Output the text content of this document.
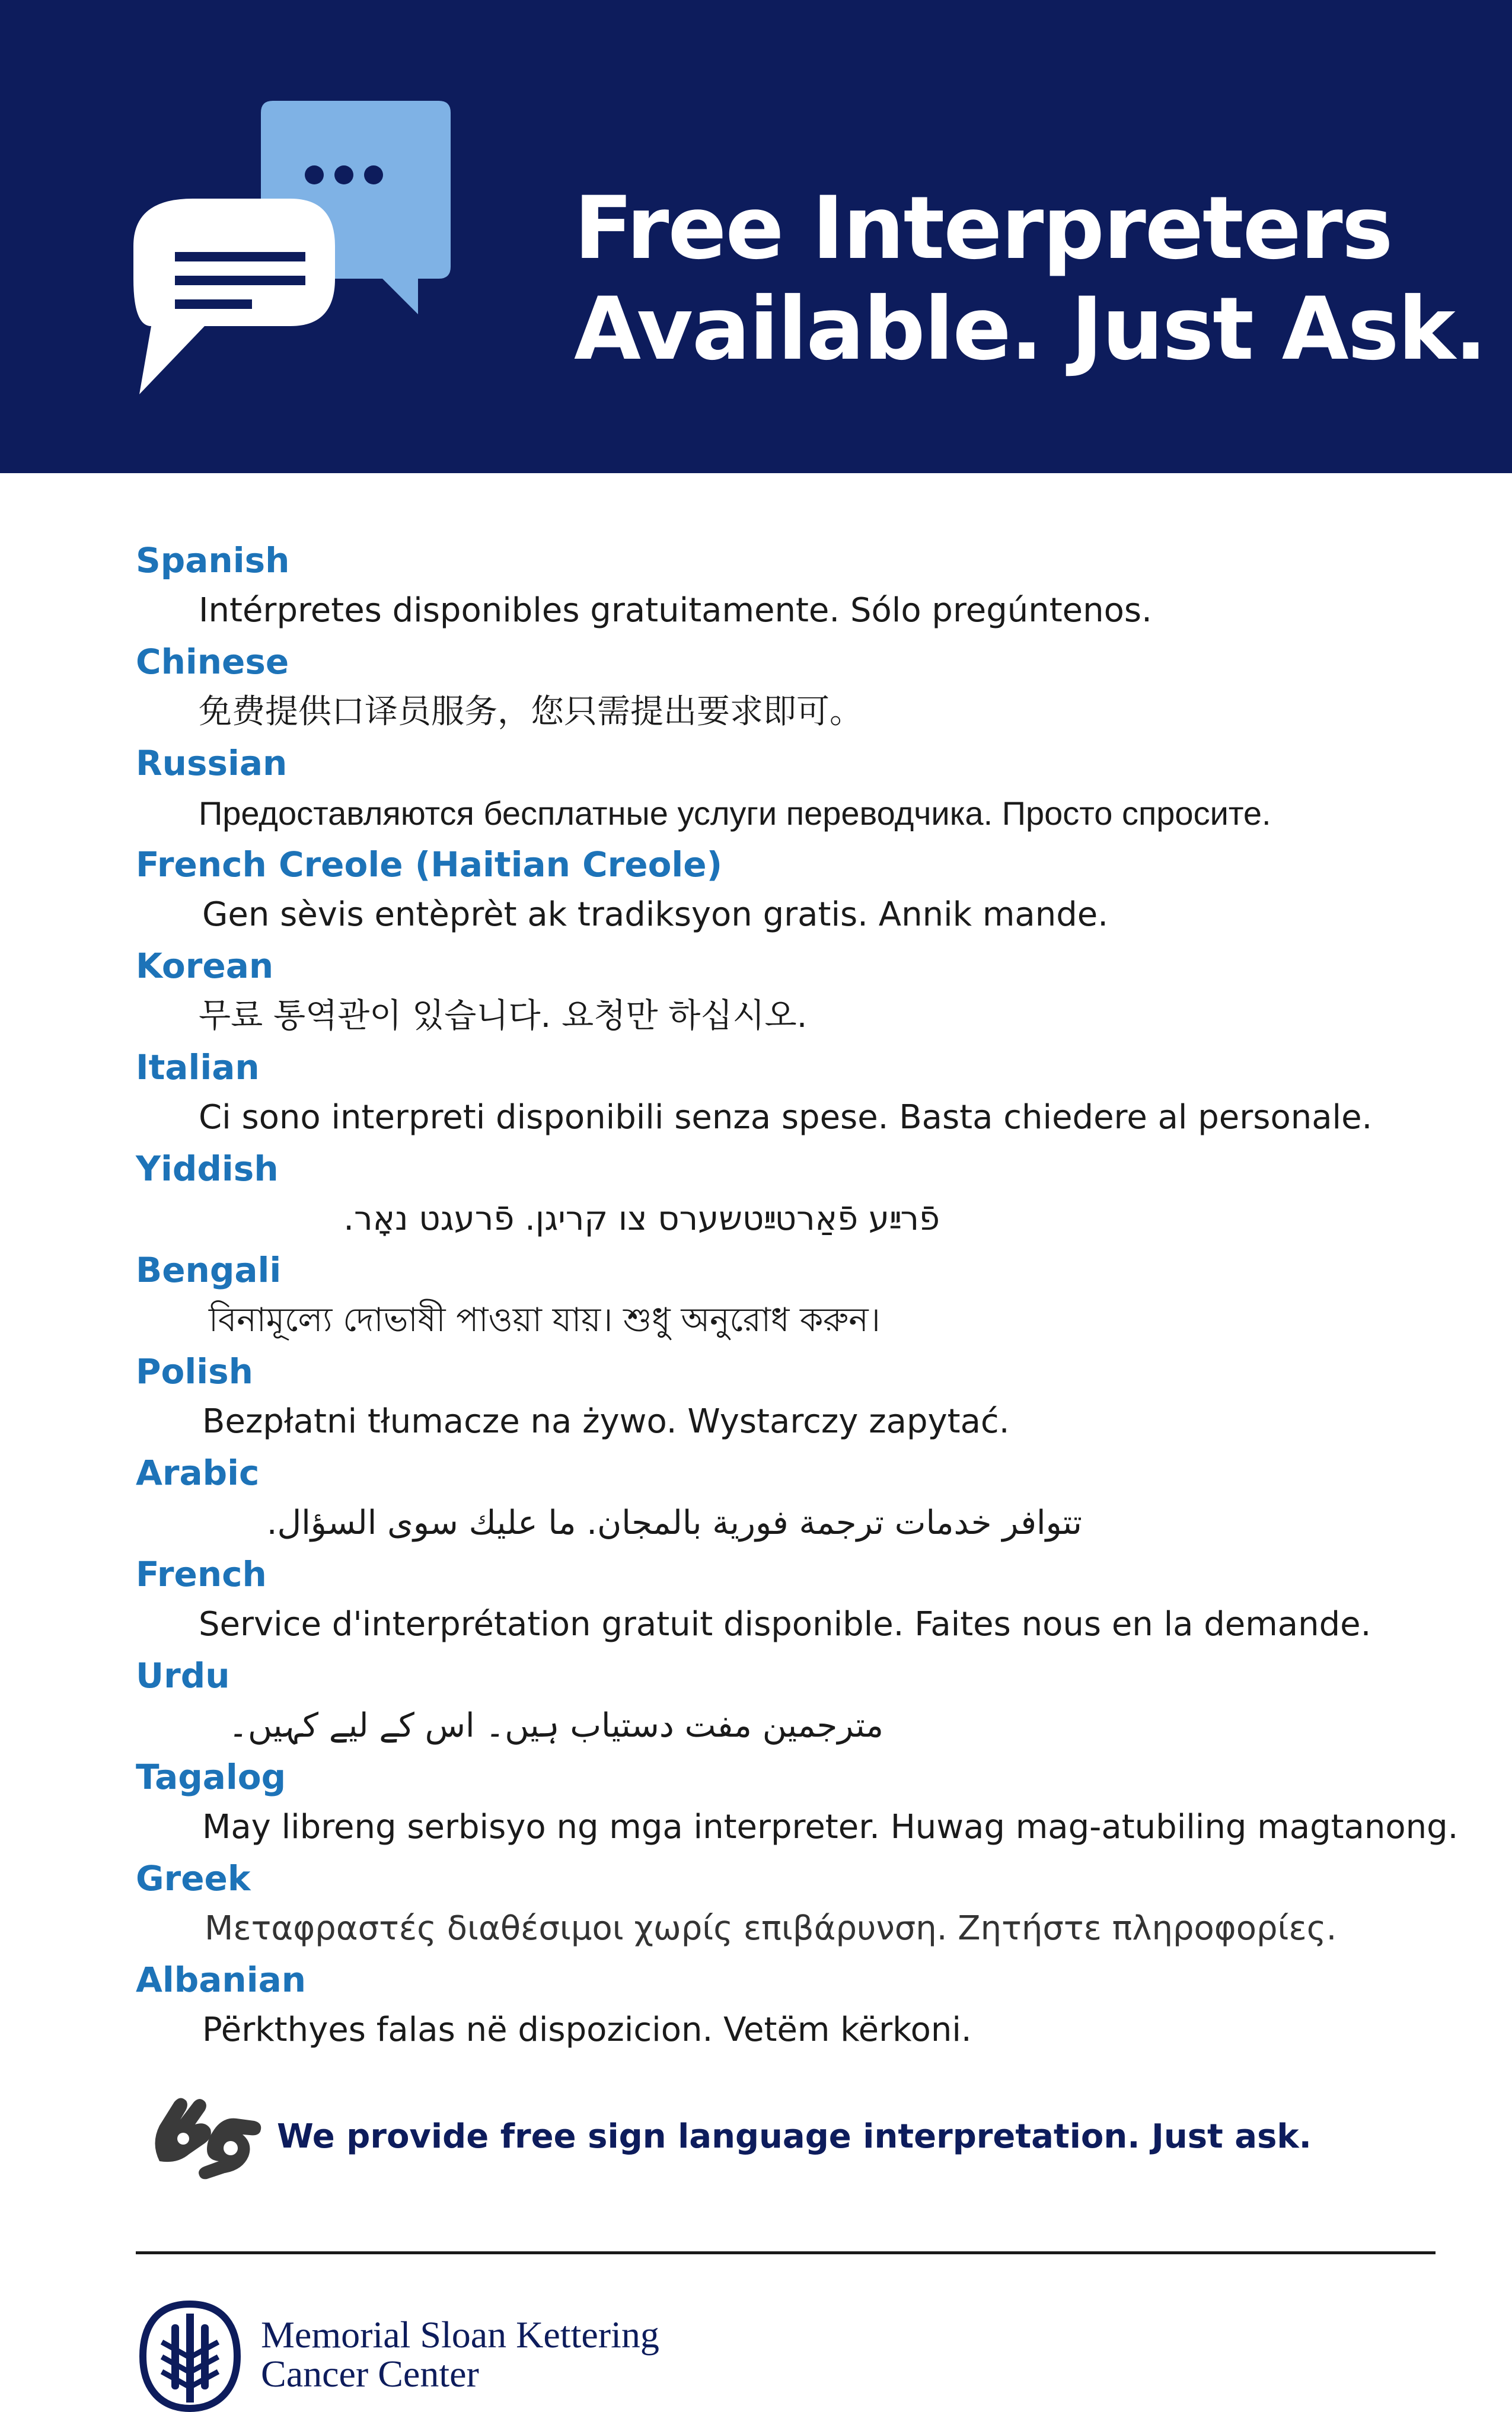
Free Interpreters
Available. Just Ask.
Spanish
Intérpretes disponibles gratuitamente. Sólo pregúntenos.
Chinese
免费提供口译员服务，您只需提出要求即可。
Russian
Предоставляются бесплатные услуги переводчика. Просто спросите.
French Creole (Haitian Creole)
Gen sèvis entèprèt ak tradiksyon gratis. Annik mande.
Korean
무료 통역관이 있습니다. 요청만 하십시오.
Italian
Ci sono interpreti disponibili senza spese. Basta chiedere al personale.
Yiddish
פֿרײַע פֿאַרטײַטשערס צו קריגן. פֿרעגט נאָר.
Bengali
বিনামূল্যে দোভাষী পাওয়া যায়। শুধু অনুরোধ করুন।
Polish
Bezpłatni tłumacze na żywo. Wystarczy zapytać.
Arabic
تتوافر خدمات ترجمة فورية بالمجان. ما عليك سوى السؤال.
French
Service d'interprétation gratuit disponible. Faites nous en la demande.
Urdu
مترجمین مفت دستیاب ہیں۔ اس کے لیے کہیں۔
Tagalog
May libreng serbisyo ng mga interpreter. Huwag mag-atubiling magtanong.
Greek
Μεταφραστές διαθέσιμοι χωρίς επιβάρυνση. Ζητήστε πληροφορίες.
Albanian
Përkthyes falas në dispozicion. Vetëm kërkoni.
We provide free sign language interpretation. Just ask.
Memorial Sloan Kettering
Cancer Center
